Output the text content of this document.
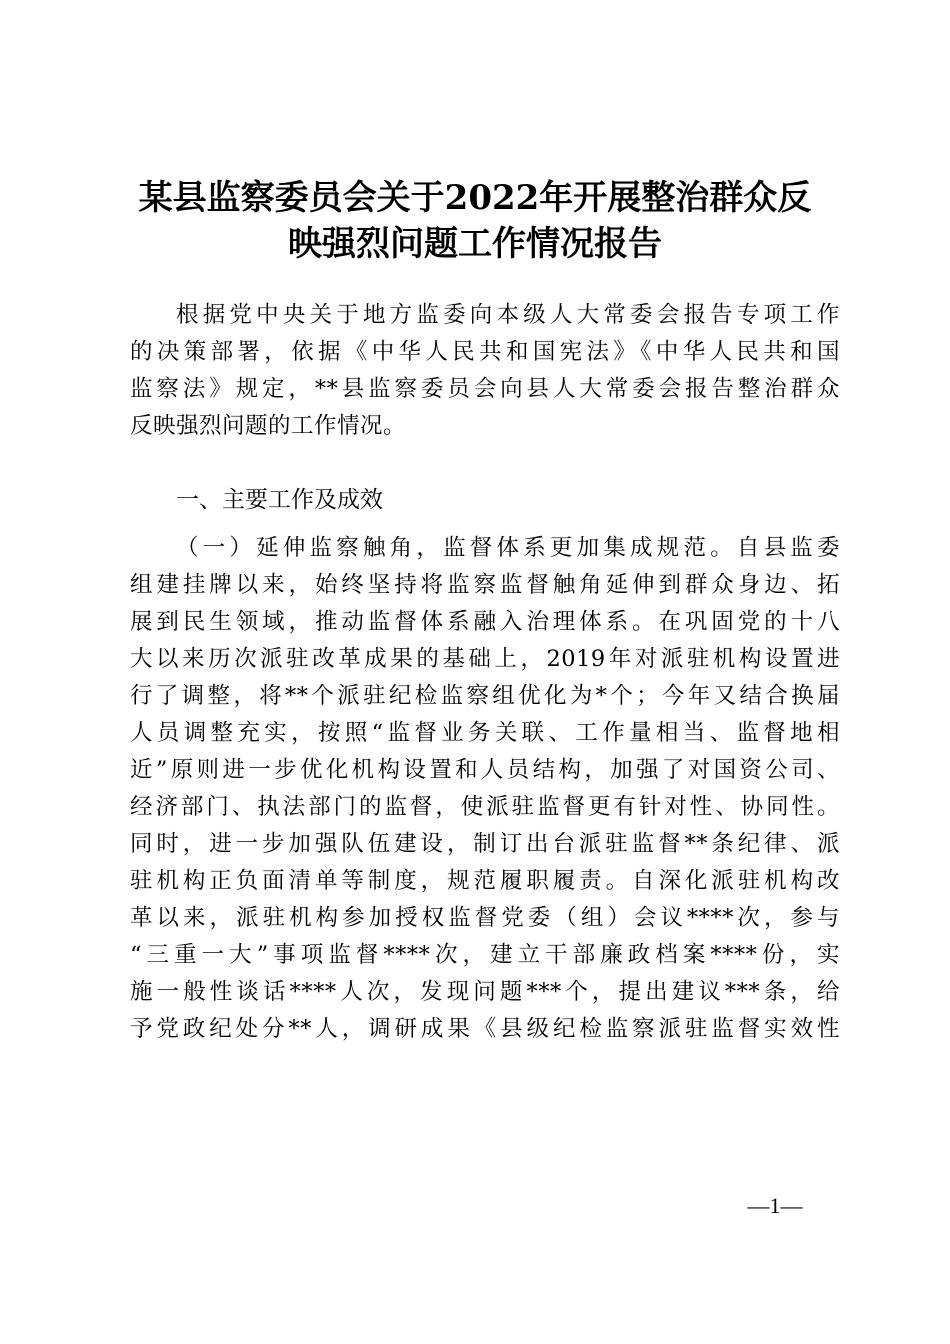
某县监察委员会关于2022年开展整治群众反
映强烈问题工作情况报告
根据党中央关于地方监委向本级人大常委会报告专项工作
的决策部署，依据《中华人民共和国宪法》《中华人民共和国
监察法》规定，**县监察委员会向县人大常委会报告整治群众
反映强烈问题的工作情况。
一、主要工作及成效
（一）延伸监察触角，监督体系更加集成规范。自县监委
组建挂牌以来，始终坚持将监察监督触角延伸到群众身边、拓
展到民生领域，推动监督体系融入治理体系。在巩固党的十八
大以来历次派驻改革成果的基础上，2019年对派驻机构设置进
行了调整，将**个派驻纪检监察组优化为*个；今年又结合换届
人员调整充实，按照“监督业务关联、工作量相当、监督地相
近”原则进一步优化机构设置和人员结构，加强了对国资公司、
经济部门、执法部门的监督，使派驻监督更有针对性、协同性。
同时，进一步加强队伍建设，制订出台派驻监督**条纪律、派
驻机构正负面清单等制度，规范履职履责。自深化派驻机构改
革以来，派驻机构参加授权监督党委（组）会议****次，参与
“三重一大”事项监督****次，建立干部廉政档案****份，实
施一般性谈话****人次，发现问题***个，提出建议***条，给
予党政纪处分**人，调研成果《县级纪检监察派驻监督实效性
—1—
